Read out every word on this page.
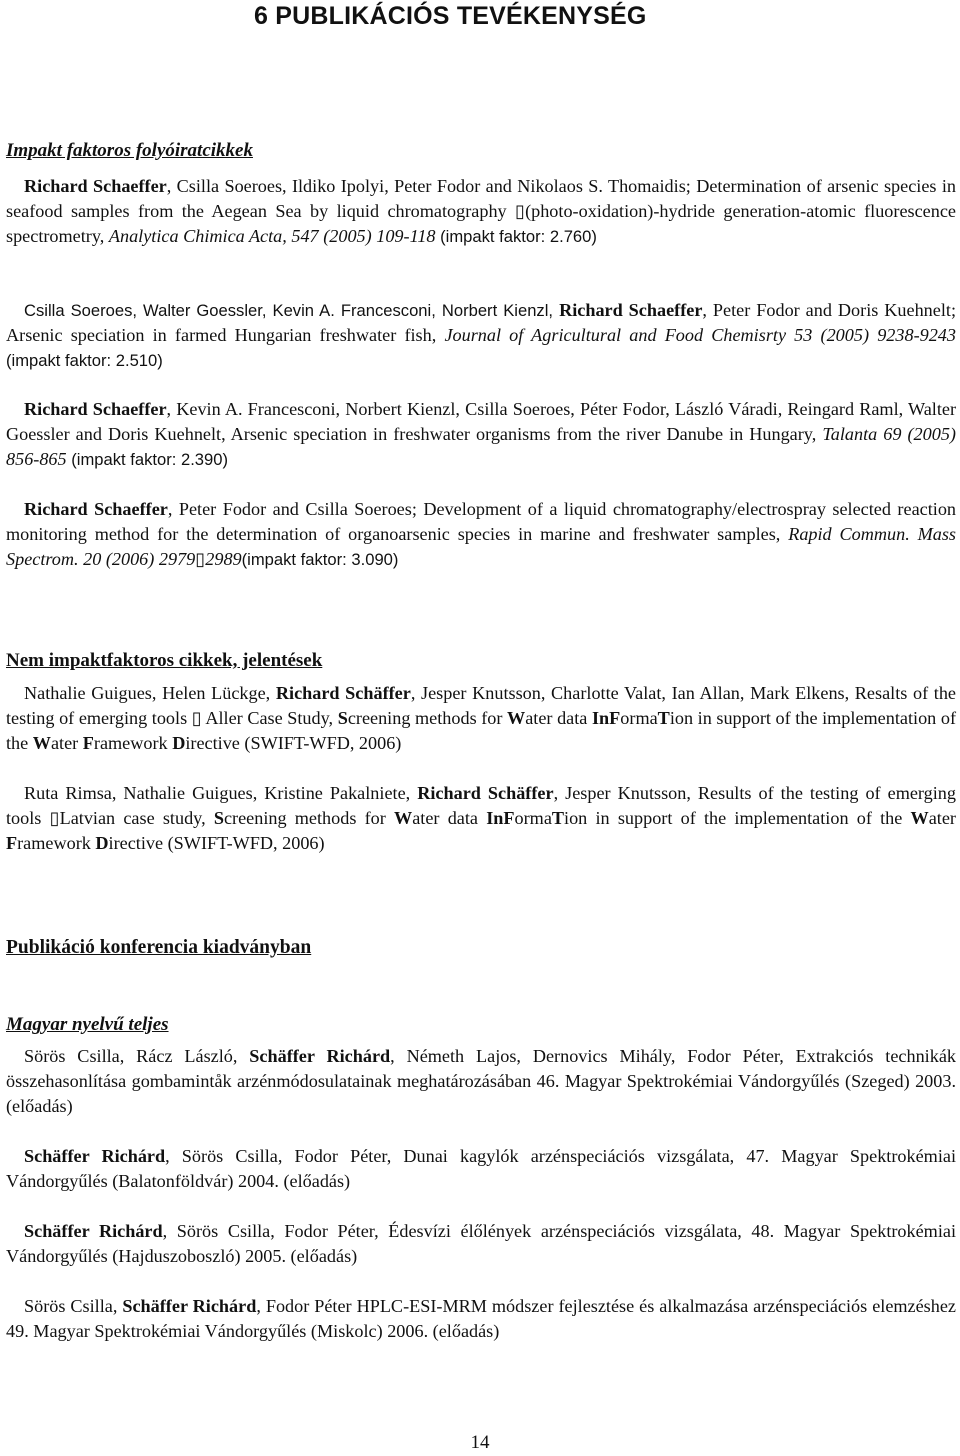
6 PUBLIKÁCIÓS TEVÉKENYSÉG
Impakt faktoros folyóiratcikkek

Richard Schaeffer, Csilla Soeroes, Ildiko Ipolyi, Peter Fodor and Nikolaos S. Thomaidis; Determination of arsenic species in seafood samples from the Aegean Sea by liquid chromatography ▯(photo-oxidation)-hydride generation-atomic fluorescence spectrometry, Analytica Chimica Acta, 547 (2005) 109-118 (impakt faktor: 2.760)

Csilla Soeroes, Walter Goessler, Kevin A. Francesconi, Norbert Kienzl, Richard Schaeffer, Peter Fodor and Doris Kuehnelt; Arsenic speciation in farmed Hungarian freshwater fish, Journal of Agricultural and Food Chemisrty 53 (2005) 9238-9243 (impakt faktor: 2.510)

Richard Schaeffer, Kevin A. Francesconi, Norbert Kienzl, Csilla Soeroes, Péter Fodor, László Váradi, Reingard Raml, Walter Goessler and Doris Kuehnelt, Arsenic speciation in freshwater organisms from the river Danube in Hungary, Talanta 69 (2005) 856-865 (impakt faktor: 2.390)

Richard Schaeffer, Peter Fodor and Csilla Soeroes; Development of a liquid chromatography/electrospray selected reaction monitoring method for the determination of organoarsenic species in marine and freshwater samples, Rapid Commun. Mass Spectrom. 20 (2006) 2979▯2989(impakt faktor: 3.090)

Nem impaktfaktoros cikkek, jelentések

Nathalie Guigues, Helen Lückge, Richard Schäffer, Jesper Knutsson, Charlotte Valat, Ian Allan, Mark Elkens, Resalts of the testing of emerging tools ▯ Aller Case Study, Screening methods for Water data InFormaTion in support of the implementation of the Water Framework Directive (SWIFT-WFD, 2006)

Ruta Rimsa, Nathalie Guigues, Kristine Pakalniete, Richard Schäffer, Jesper Knutsson, Results of the testing of emerging tools ▯Latvian case study, Screening methods for Water data InFormaTion in support of the implementation of the Water Framework Directive (SWIFT-WFD, 2006)

Publikáció konferencia kiadványban
Magyar nyelvű teljes

Sörös Csilla, Rácz László, Schäffer Richárd, Németh Lajos, Dernovics Mihály, Fodor Péter, Extrakciós technikák összehasonlítása gombamintåk arzénmódosulatainak meghatározásában 46. Magyar Spektrokémiai Vándorgyűlés (Szeged) 2003. (előadás)

Schäffer Richárd, Sörös Csilla, Fodor Péter, Dunai kagylók arzénspeciációs vizsgálata, 47. Magyar Spektrokémiai Vándorgyűlés (Balatonföldvár) 2004. (előadás)

Schäffer Richárd, Sörös Csilla, Fodor Péter, Édesvízi élőlények arzénspeciációs vizsgálata, 48. Magyar Spektrokémiai Vándorgyűlés (Hajduszoboszló) 2005. (előadás)

Sörös Csilla, Schäffer Richárd, Fodor Péter HPLC-ESI-MRM módszer fejlesztése és alkalmazása arzénspeciációs elemzéshez 49. Magyar Spektrokémiai Vándorgyűlés (Miskolc) 2006. (előadás)

14
